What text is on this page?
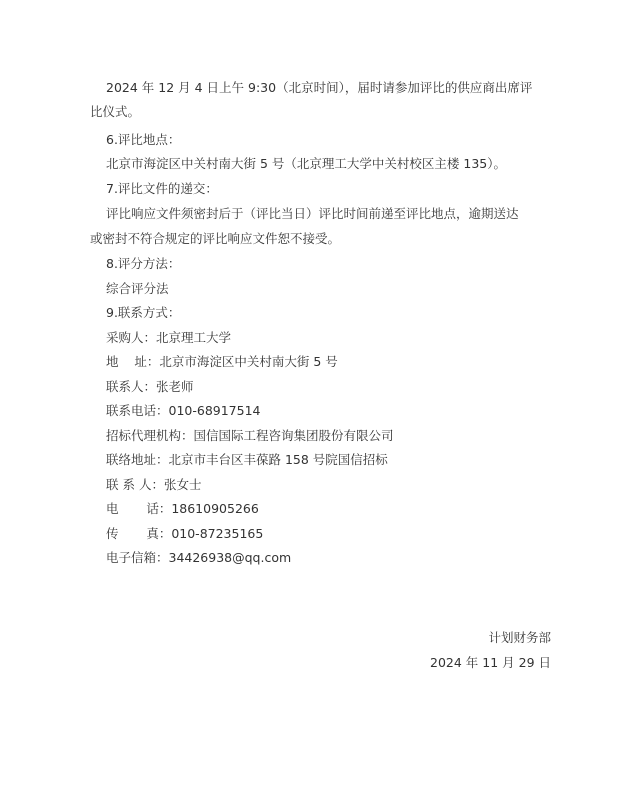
2024 年 12 月 4 日上午 9:30（北京时间），届时请参加评比的供应商出席评
比仪式。
6.评比地点：
北京市海淀区中关村南大街 5 号（北京理工大学中关村校区主楼 135）。
7.评比文件的递交：
评比响应文件须密封后于（评比当日）评比时间前递至评比地点，逾期送达
或密封不符合规定的评比响应文件恕不接受。
8.评分方法：
综合评分法
9.联系方式：
采购人：北京理工大学
地    址：北京市海淀区中关村南大街 5 号
联系人：张老师
联系电话：010-68917514
招标代理机构：国信国际工程咨询集团股份有限公司
联络地址：北京市丰台区丰葆路 158 号院国信招标
联 系 人：张女士
电       话：18610905266
传       真：010-87235165
电子信箱：34426938@qq.com
计划财务部
2024 年 11 月 29 日
